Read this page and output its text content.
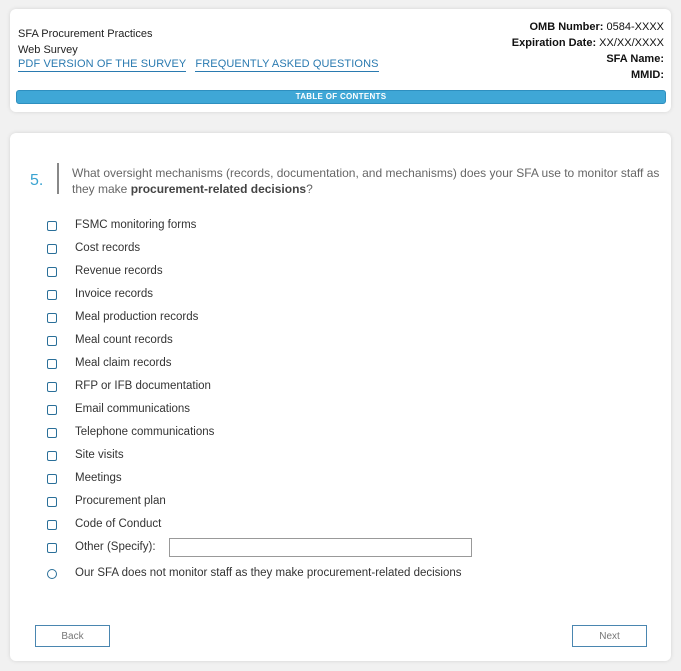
SFA Procurement Practices
Web Survey
PDF VERSION OF THE SURVEY FREQUENTLY ASKED QUESTIONS
OMB Number: 0584-XXXX
Expiration Date: XX/XX/XXXX
SFA Name:
MMID:
TABLE OF CONTENTS
5. What oversight mechanisms (records, documentation, and mechanisms) does your SFA use to monitor staff as they make procurement-related decisions?
FSMC monitoring forms
Cost records
Revenue records
Invoice records
Meal production records
Meal count records
Meal claim records
RFP or IFB documentation
Email communications
Telephone communications
Site visits
Meetings
Procurement plan
Code of Conduct
Other (Specify):
Our SFA does not monitor staff as they make procurement-related decisions
Back	Next
